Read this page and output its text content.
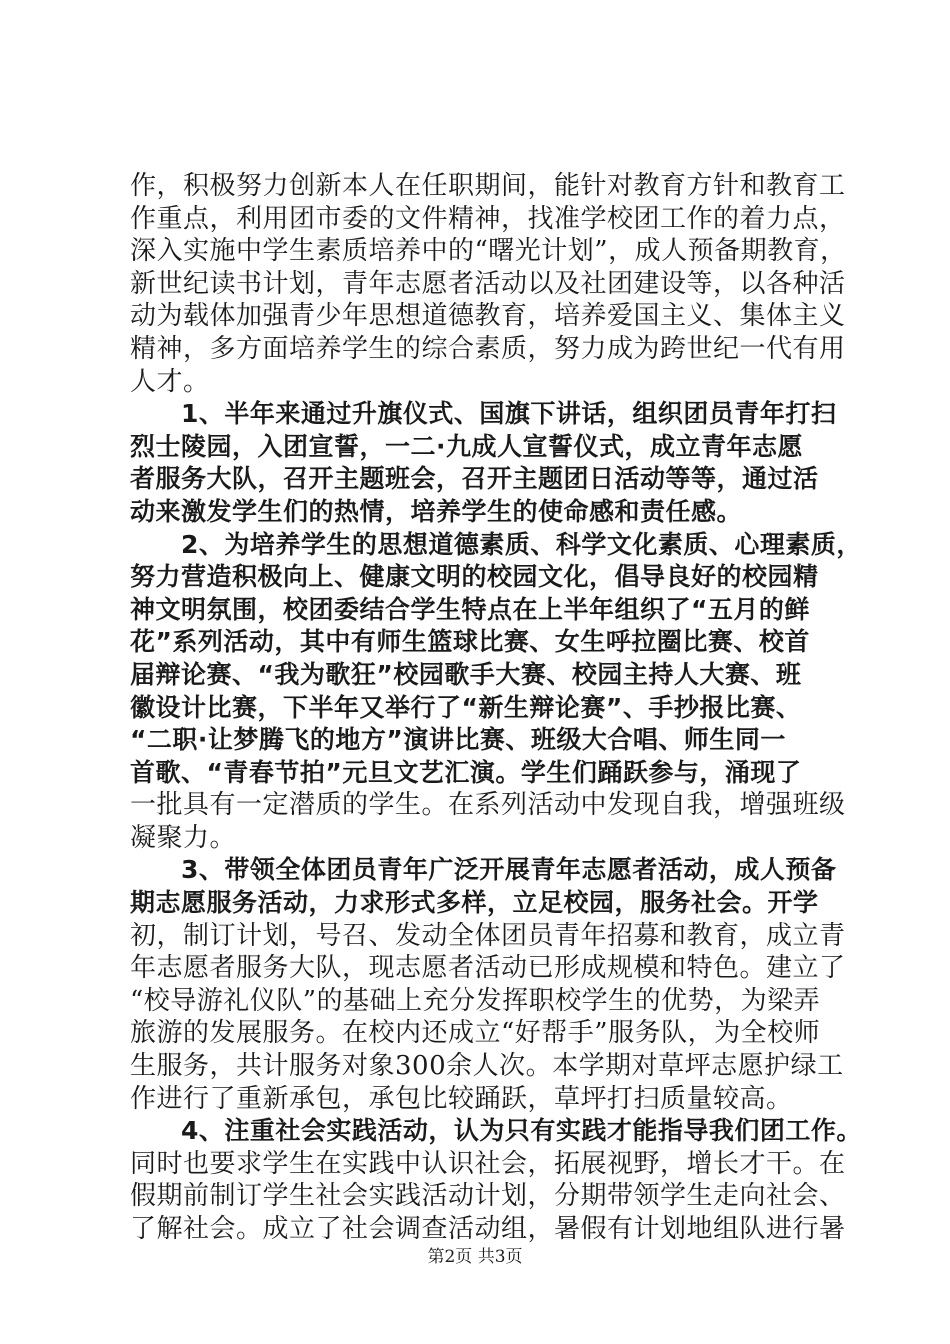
作，积极努力创新本人在任职期间，能针对教育方针和教育工
作重点，利用团市委的文件精神，找准学校团工作的着力点，
深入实施中学生素质培养中的“曙光计划”，成人预备期教育，
新世纪读书计划，青年志愿者活动以及社团建设等，以各种活
动为载体加强青少年思想道德教育，培养爱国主义、集体主义
精神，多方面培养学生的综合素质，努力成为跨世纪一代有用
人才。
　　1、半年来通过升旗仪式、国旗下讲话，组织团员青年打扫
烈士陵园，入团宣誓，一二·九成人宣誓仪式，成立青年志愿
者服务大队，召开主题班会，召开主题团日活动等等，通过活
动来激发学生们的热情，培养学生的使命感和责任感。
　　2、为培养学生的思想道德素质、科学文化素质、心理素质，
努力营造积极向上、健康文明的校园文化，倡导良好的校园精
神文明氛围，校团委结合学生特点在上半年组织了“五月的鲜
花”系列活动，其中有师生篮球比赛、女生呼拉圈比赛、校首
届辩论赛、“我为歌狂”校园歌手大赛、校园主持人大赛、班
徽设计比赛，下半年又举行了“新生辩论赛”、手抄报比赛、
“二职·让梦腾飞的地方”演讲比赛、班级大合唱、师生同一
首歌、“青春节拍”元旦文艺汇演。学生们踊跃参与，涌现了
一批具有一定潜质的学生。在系列活动中发现自我，增强班级
凝聚力。
　　3、带领全体团员青年广泛开展青年志愿者活动，成人预备
期志愿服务活动，力求形式多样，立足校园，服务社会。开学
初，制订计划，号召、发动全体团员青年招募和教育，成立青
年志愿者服务大队，现志愿者活动已形成规模和特色。建立了
“校导游礼仪队”的基础上充分发挥职校学生的优势，为梁弄
旅游的发展服务。在校内还成立“好帮手”服务队，为全校师
生服务，共计服务对象300余人次。本学期对草坪志愿护绿工
作进行了重新承包，承包比较踊跃，草坪打扫质量较高。
　　4、注重社会实践活动，认为只有实践才能指导我们团工作。
同时也要求学生在实践中认识社会，拓展视野，增长才干。在
假期前制订学生社会实践活动计划，分期带领学生走向社会、
了解社会。成立了社会调查活动组，暑假有计划地组队进行暑
第2页 共3页
